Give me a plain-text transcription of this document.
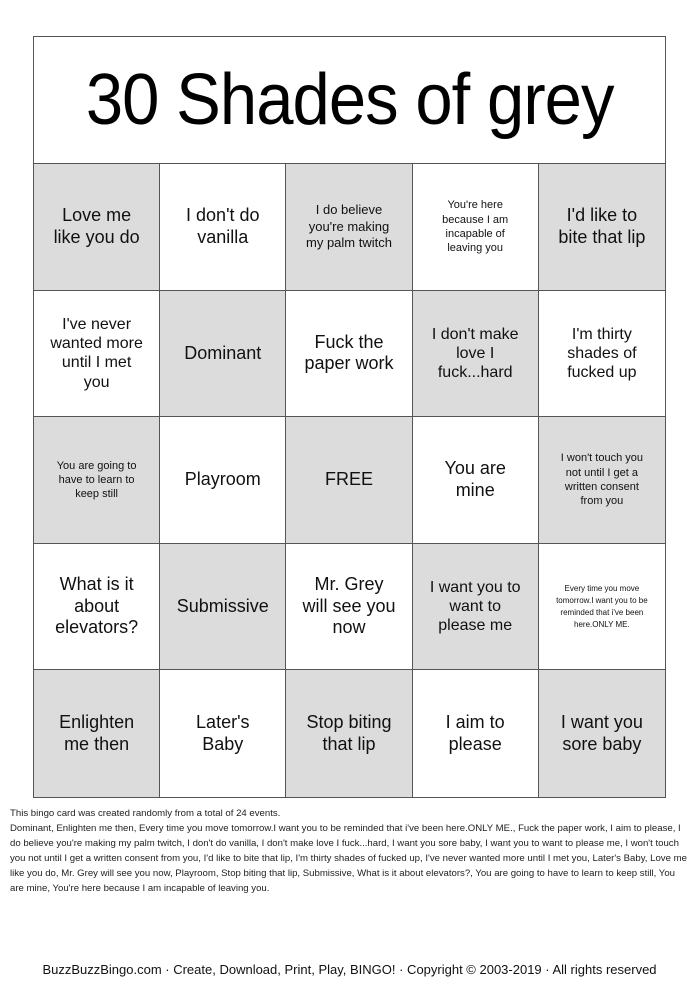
30 Shades of grey
Love me like you do
I don't do vanilla
I do believe you're making my palm twitch
You're here because I am incapable of leaving you
I'd like to bite that lip
I've never wanted more until I met you
Dominant
Fuck the paper work
I don't make love I fuck...hard
I'm thirty shades of fucked up
You are going to have to learn to keep still
Playroom	FREE
You are mine
I won't touch you not until I get a written consent from you
What is it about elevators?
Submissive
Mr. Grey will see you now
I want you to want to please me
Every time you move tomorrow.I want you to be reminded that i've been here.ONLY ME.
Enlighten me then
Later's Baby
Stop biting that lip
I aim to please
I want you sore baby
This bingo card was created randomly from a total of 24 events.
Dominant, Enlighten me then, Every time you move tomorrow.I want you to be reminded that i've been here.ONLY ME., Fuck the paper work, I aim to please, I do believe you're making my palm twitch, I don't do vanilla, I don't make love I fuck...hard, I want you sore baby, I want you to want to please me, I won't touch you not until I get a written consent from you, I'd like to bite that lip, I'm thirty shades of fucked up, I've never wanted more until I met you, Later's Baby, Love me like you do, Mr. Grey will see you now, Playroom, Stop biting that lip, Submissive, What is it about elevators?, You are going to have to learn to keep still, You are mine, You're here because I am incapable of leaving you.
BuzzBuzzBingo.com · Create, Download, Print, Play, BINGO! · Copyright © 2003-2019 · All rights reserved
